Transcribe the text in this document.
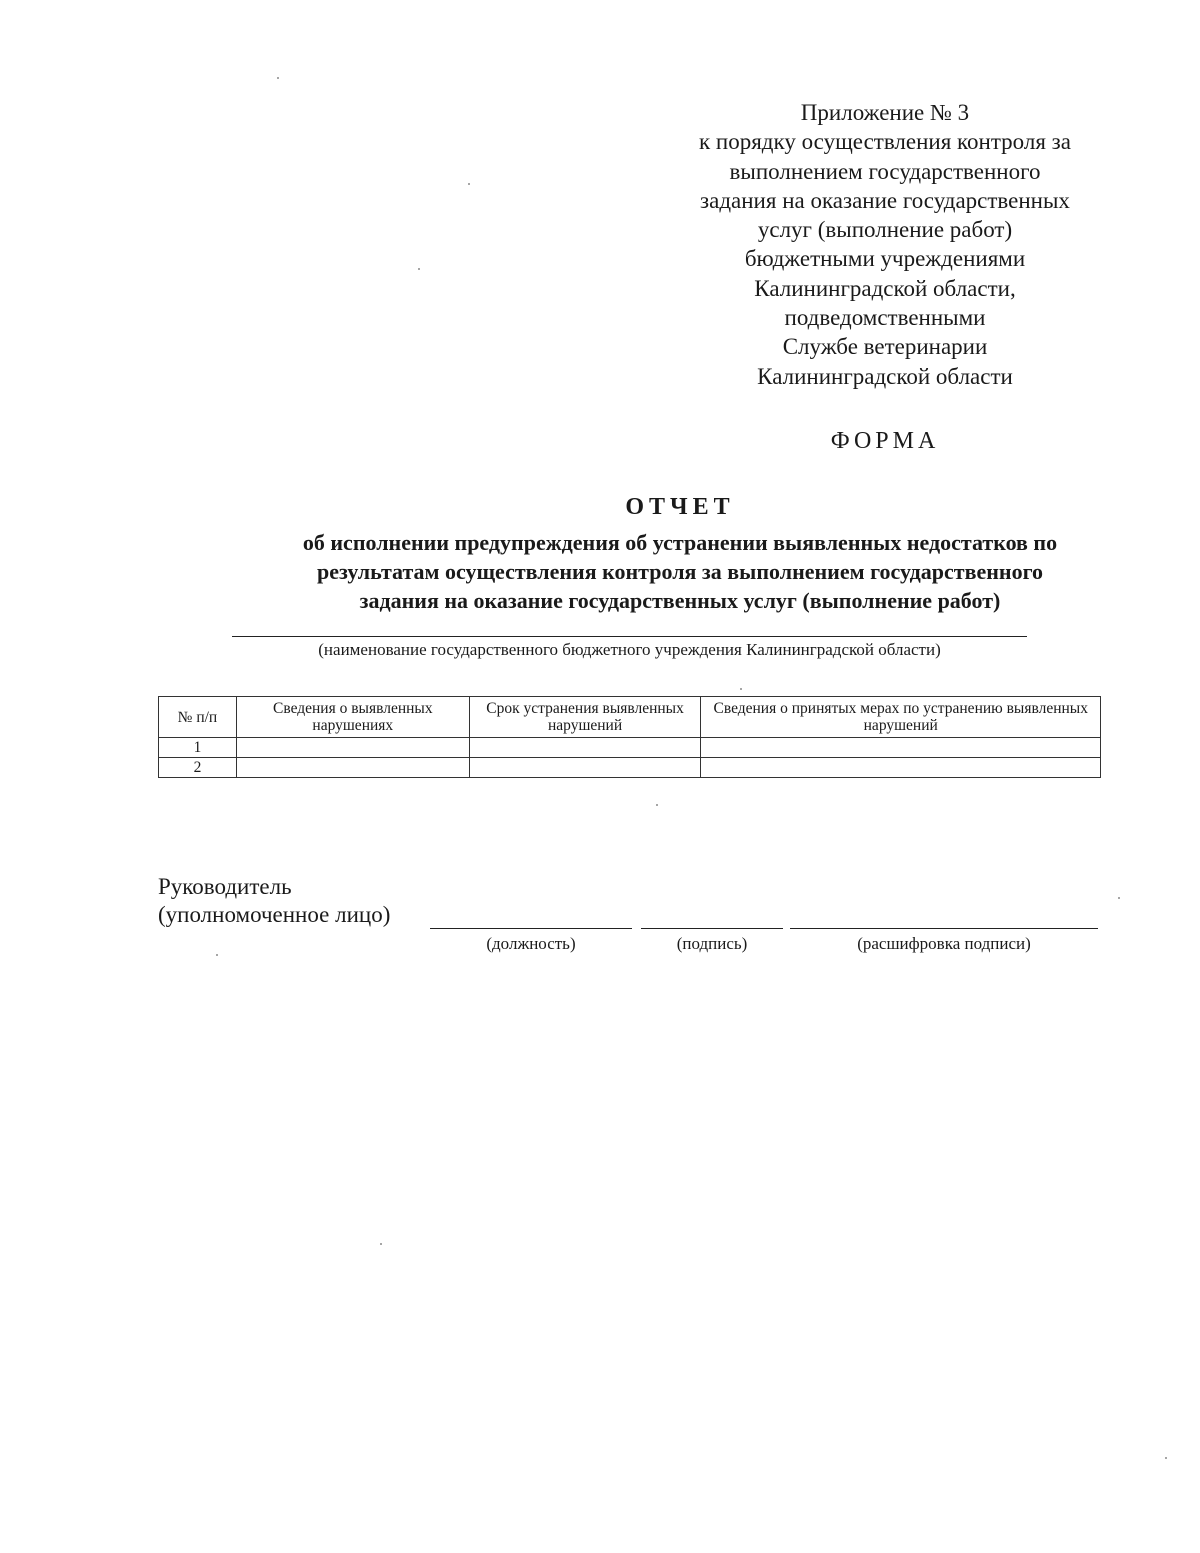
Приложение № 3
к порядку осуществления контроля за
выполнением государственного
задания на оказание государственных
услуг (выполнение работ)
бюджетными учреждениями
Калининградской области,
подведомственными
Службе ветеринарии
Калининградской области
ФОРМА
ОТЧЕТ
об исполнении предупреждения об устранении выявленных недостатков по
результатам осуществления контроля за выполнением государственного
задания на оказание государственных услуг (выполнение работ)
(наименование государственного бюджетного учреждения Калининградской области)
№ п/п	Сведения о выявленных нарушениях	Срок устранения выявленных нарушений	Сведения о принятых мерах по устранению выявленных нарушений
1			
2			
Руководитель
(уполномоченное лицо)
(должность)	(подпись)	(расшифровка подписи)
